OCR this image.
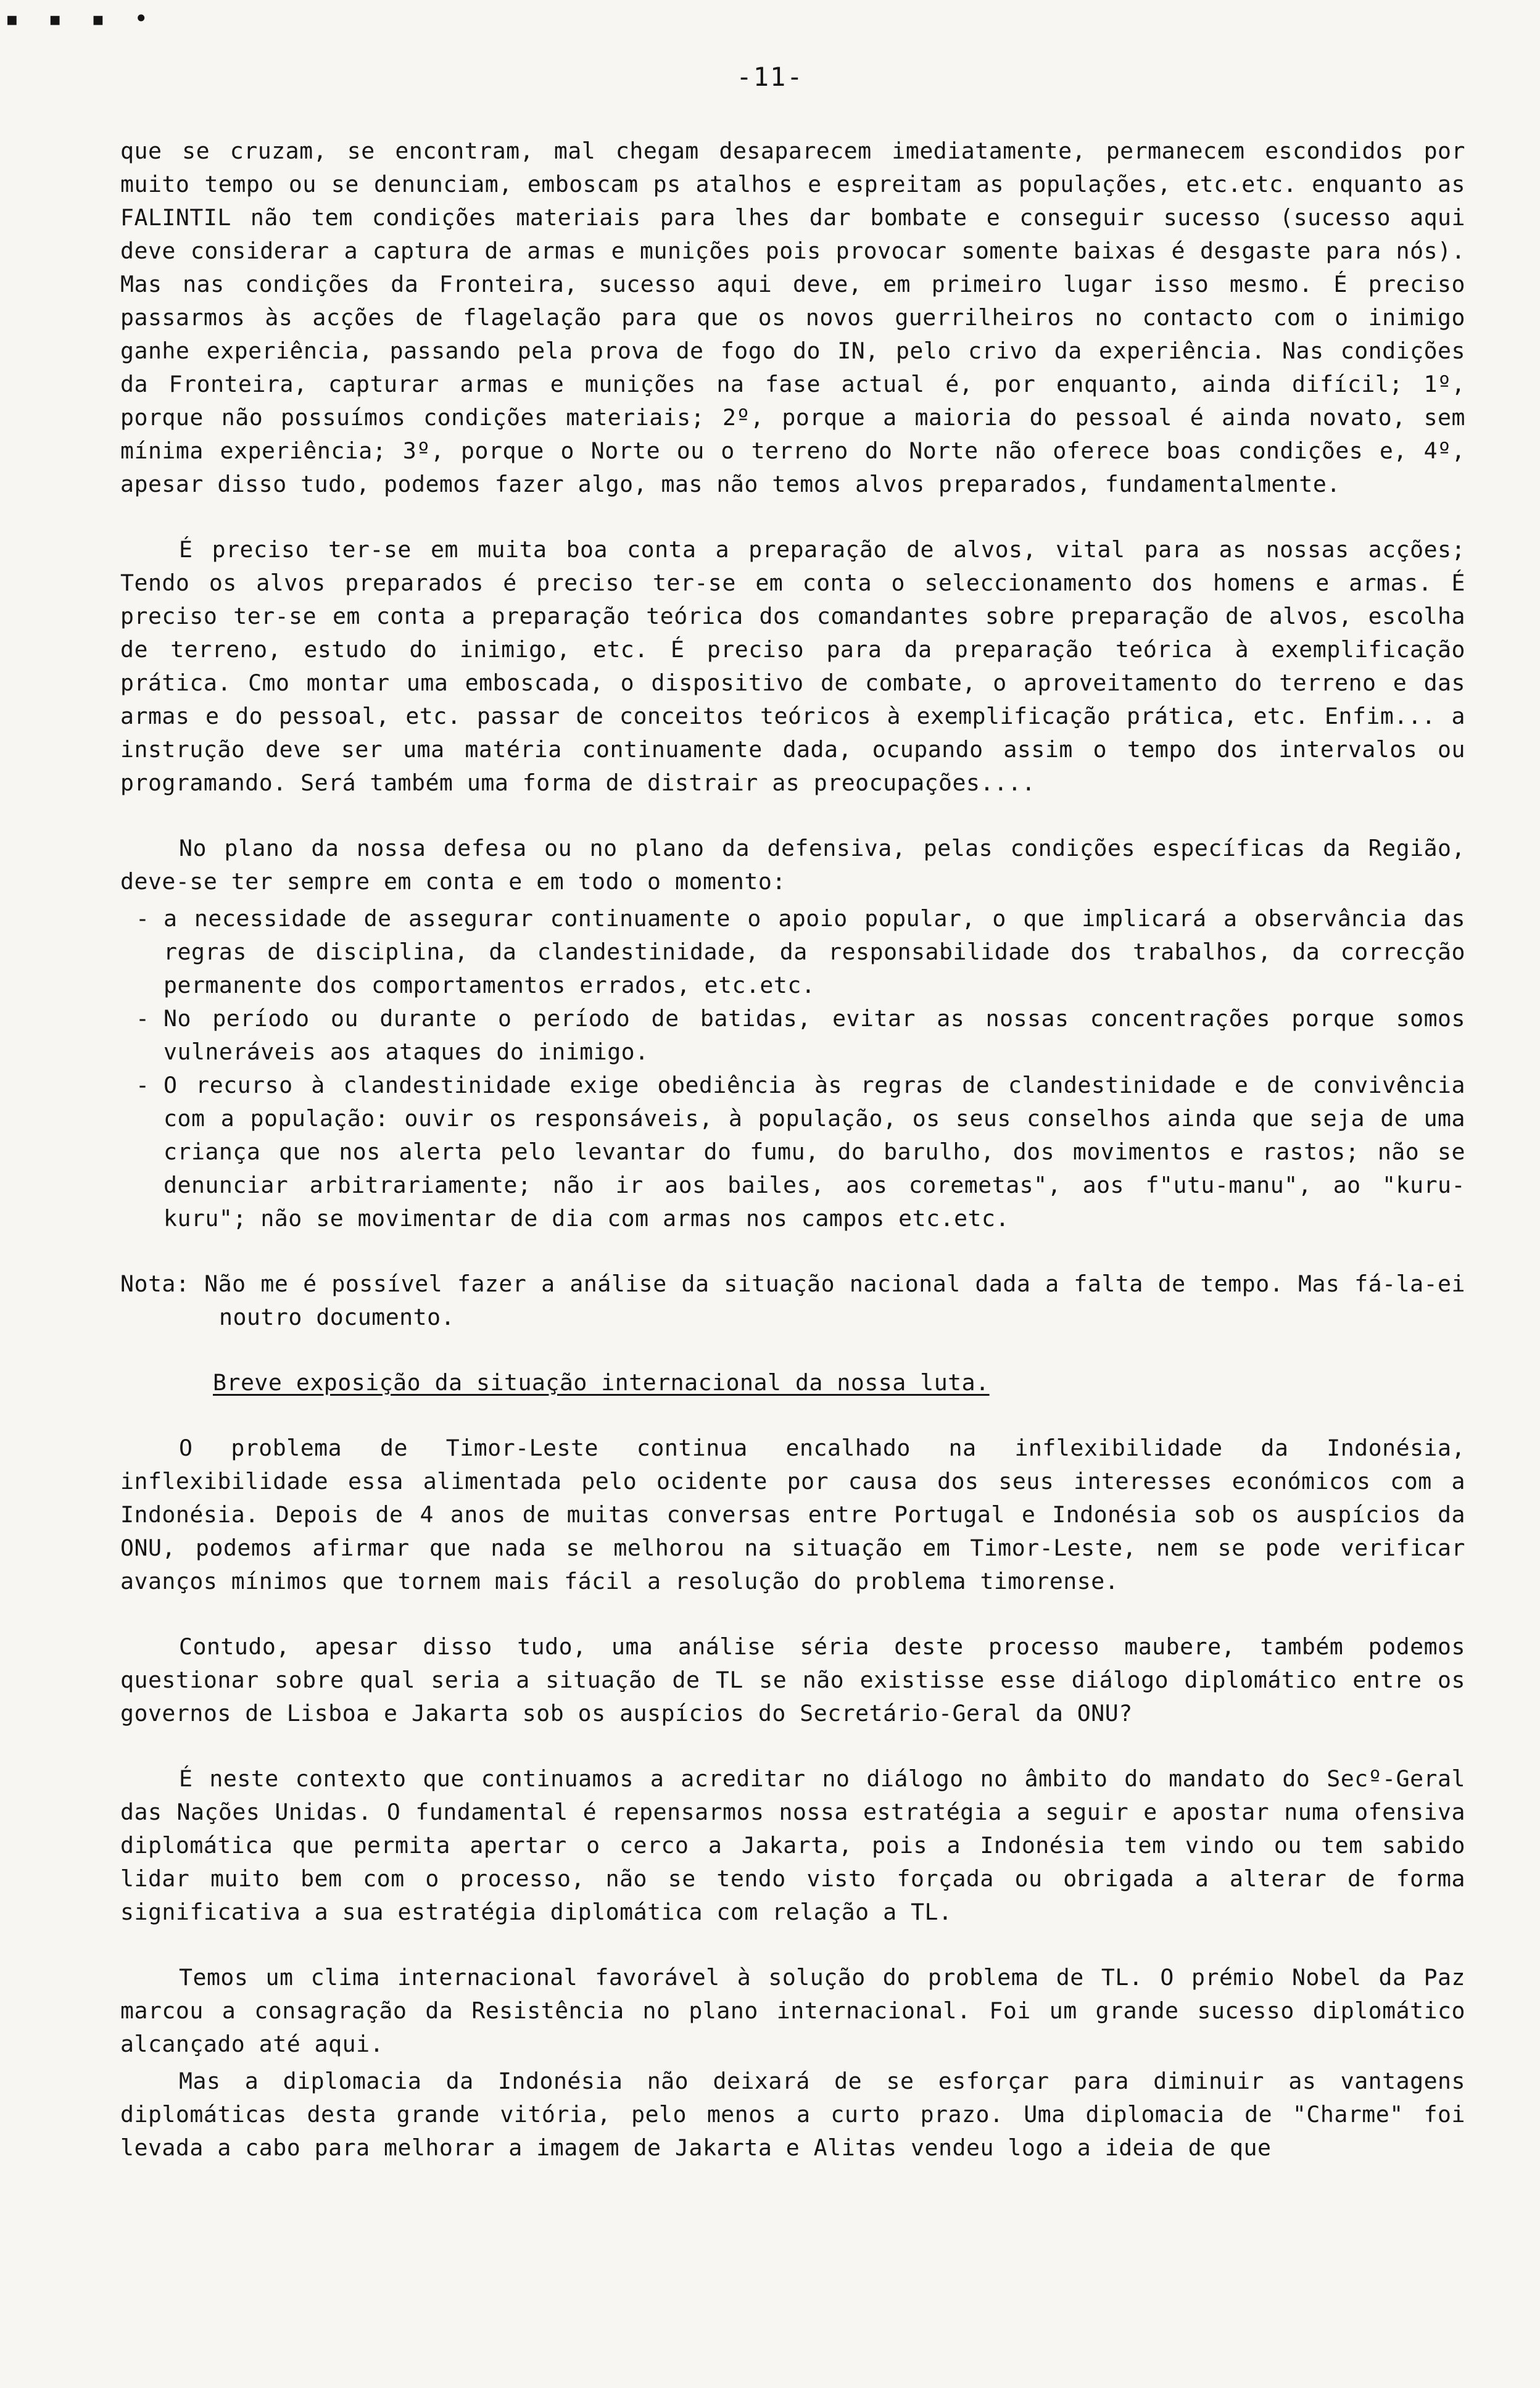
▪ ▪ ▪ •
-11-

que se cruzam, se encontram, mal chegam desaparecem imediatamente, permanecem escondidos por muito tempo ou se denunciam, emboscam ps atalhos e espreitam as populações, etc.etc. enquanto as FALINTIL não tem condições materiais para lhes dar bombate e conseguir sucesso (sucesso aqui deve considerar a captura de armas e munições pois provocar somente baixas é desgaste para nós). Mas nas condições da Fronteira, sucesso aqui deve, em primeiro lugar isso mesmo. É preciso passarmos às acções de flagelação para que os novos guerrilheiros no contacto com o inimigo ganhe experiência, passando pela prova de fogo do IN, pelo crivo da experiência. Nas condições da Fronteira, capturar armas e munições na fase actual é, por enquanto, ainda difícil; 1º, porque não possuímos condições materiais; 2º, porque a maioria do pessoal é ainda novato, sem mínima experiência; 3º, porque o Norte ou o terreno do Norte não oferece boas condições e, 4º, apesar disso tudo, podemos fazer algo, mas não temos alvos preparados, fundamentalmente.

É preciso ter-se em muita boa conta a preparação de alvos, vital para as nossas acções; Tendo os alvos preparados é preciso ter-se em conta o seleccionamento dos homens e armas. É preciso ter-se em conta a preparação teórica dos comandantes sobre preparação de alvos, escolha de terreno, estudo do inimigo, etc. É preciso para da preparação teórica à exemplificação prática. Cmo montar uma emboscada, o dispositivo de combate, o aproveitamento do terreno e das armas e do pessoal, etc. passar de conceitos teóricos à exemplificação prática, etc. Enfim... a instrução deve ser uma matéria continuamente dada, ocupando assim o tempo dos intervalos ou programando. Será também uma forma de distrair as preocupações....

No plano da nossa defesa ou no plano da defensiva, pelas condições específicas da Região, deve-se ter sempre em conta e em todo o momento:

- a necessidade de assegurar continuamente o apoio popular, o que implicará a observância das regras de disciplina, da clandestinidade, da responsabilidade dos trabalhos, da correcção permanente dos comportamentos errados, etc.etc.
- No período ou durante o período de batidas, evitar as nossas concentrações porque somos vulneráveis aos ataques do inimigo.
- O recurso à clandestinidade exige obediência às regras de clandestinidade e de convivência com a população: ouvir os responsáveis, à população, os seus conselhos ainda que seja de uma criança que nos alerta pelo levantar do fumu, do barulho, dos movimentos e rastos; não se denunciar arbitrariamente; não ir aos bailes, aos coremetas", aos f"utu-manu", ao "kuru-kuru"; não se movimentar de dia com armas nos campos etc.etc.

Nota: Não me é possível fazer a análise da situação nacional dada a falta de tempo. Mas fá-la-ei noutro documento.

Breve exposição da situação internacional da nossa luta.

O problema de Timor-Leste continua encalhado na inflexibilidade da Indonésia, inflexibilidade essa alimentada pelo ocidente por causa dos seus interesses económicos com a Indonésia. Depois de 4 anos de muitas conversas entre Portugal e Indonésia sob os auspícios da ONU, podemos afirmar que nada se melhorou na situação em Timor-Leste, nem se pode verificar avanços mínimos que tornem mais fácil a resolução do problema timorense.

Contudo, apesar disso tudo, uma análise séria deste processo maubere, também podemos questionar sobre qual seria a situação de TL se não existisse esse diálogo diplomático entre os governos de Lisboa e Jakarta sob os auspícios do Secretário-Geral da ONU?

É neste contexto que continuamos a acreditar no diálogo no âmbito do mandato do Secº-Geral das Nações Unidas. O fundamental é repensarmos nossa estratégia a seguir e apostar numa ofensiva diplomática que permita apertar o cerco a Jakarta, pois a Indonésia tem vindo ou tem sabido lidar muito bem com o processo, não se tendo visto forçada ou obrigada a alterar de forma significativa a sua estratégia diplomática com relação a TL.

Temos um clima internacional favorável à solução do problema de TL. O prémio Nobel da Paz marcou a consagração da Resistência no plano internacional. Foi um grande sucesso diplomático alcançado até aqui.

Mas a diplomacia da Indonésia não deixará de se esforçar para diminuir as vantagens diplomáticas desta grande vitória, pelo menos a curto prazo. Uma diplomacia de "Charme" foi levada a cabo para melhorar a imagem de Jakarta e Alitas vendeu logo a ideia de que
